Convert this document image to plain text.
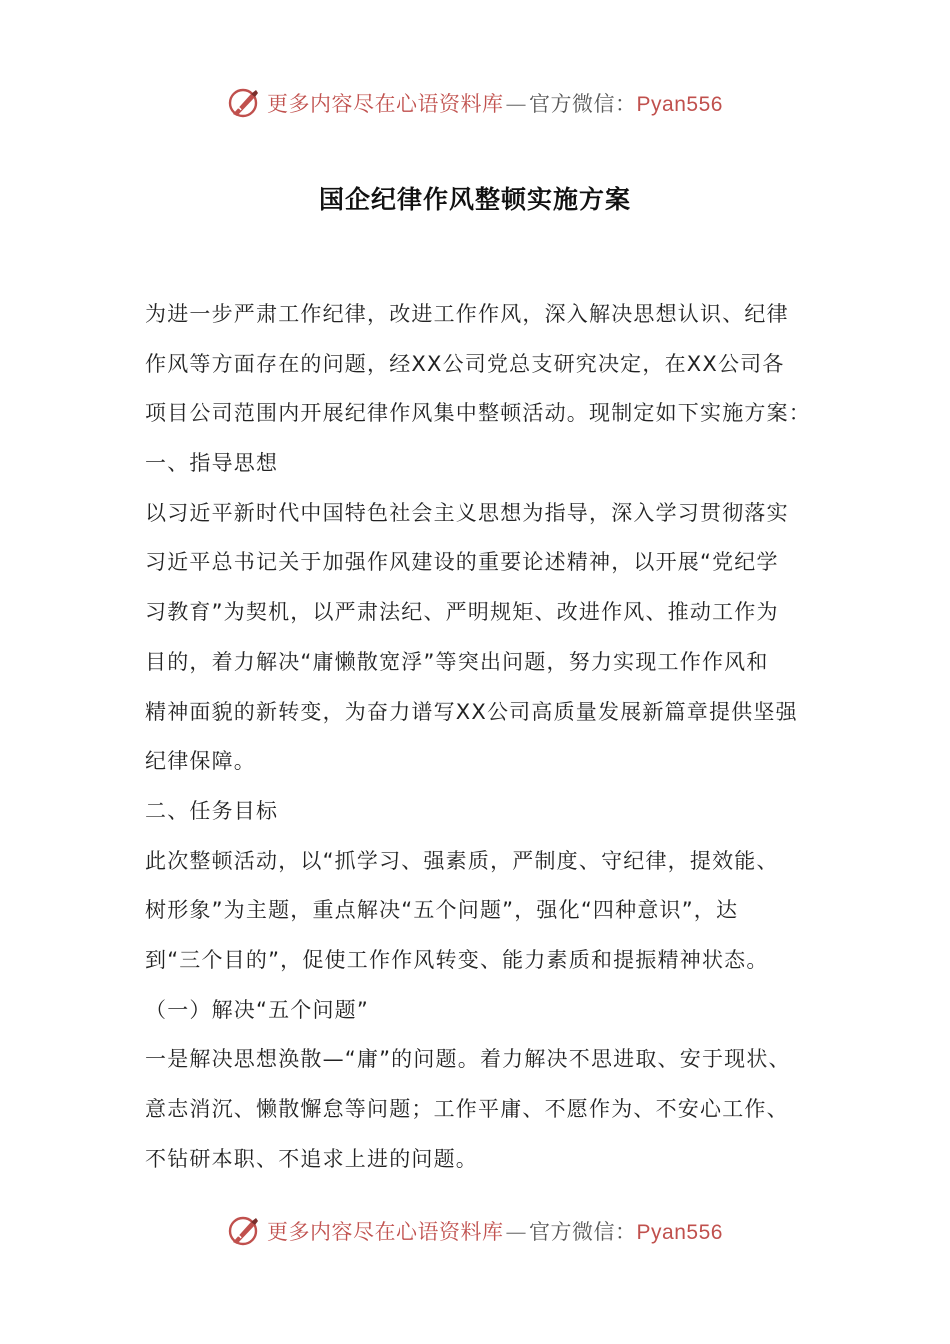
更多内容尽在心语资料库—官方微信：Pyan556
国企纪律作风整顿实施方案
为进一步严肃工作纪律，改进工作作风，深入解决思想认识、纪律
作风等方面存在的问题，经XX公司党总支研究决定，在XX公司各
项目公司范围内开展纪律作风集中整顿活动。现制定如下实施方案：
一、指导思想
以习近平新时代中国特色社会主义思想为指导，深入学习贯彻落实
习近平总书记关于加强作风建设的重要论述精神，以开展“党纪学
习教育”为契机，以严肃法纪、严明规矩、改进作风、推动工作为
目的，着力解决“庸懒散宽浮”等突出问题，努力实现工作作风和
精神面貌的新转变，为奋力谱写XX公司高质量发展新篇章提供坚强
纪律保障。
二、任务目标
此次整顿活动，以“抓学习、强素质，严制度、守纪律，提效能、
树形象”为主题，重点解决“五个问题”，强化“四种意识”，达
到“三个目的”，促使工作作风转变、能力素质和提振精神状态。
（一）解决“五个问题”
一是解决思想涣散—“庸”的问题。着力解决不思进取、安于现状、
意志消沉、懒散懈怠等问题；工作平庸、不愿作为、不安心工作、
不钻研本职、不追求上进的问题。
更多内容尽在心语资料库—官方微信：Pyan556
